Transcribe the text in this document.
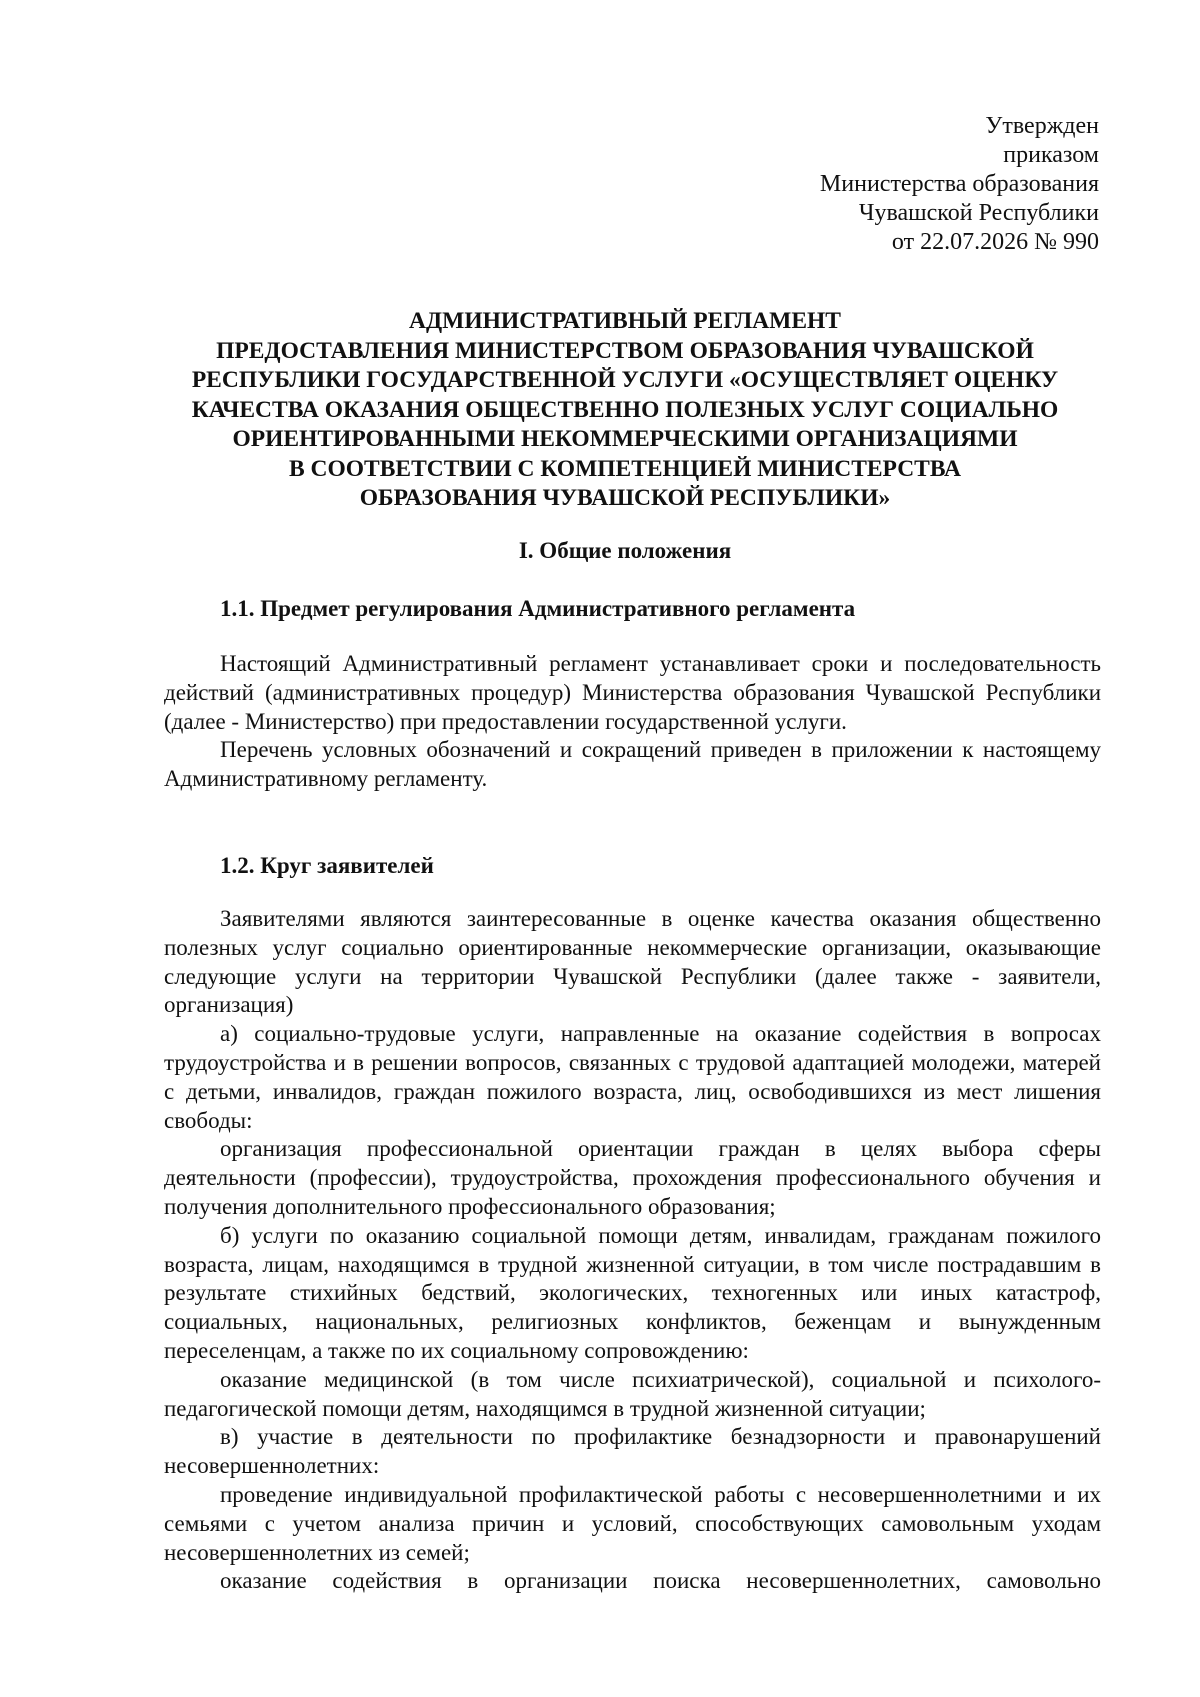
Утвержден
приказом
Министерства образования
Чувашской Республики
от 22.07.2026 № 990
АДМИНИСТРАТИВНЫЙ РЕГЛАМЕНТ
ПРЕДОСТАВЛЕНИЯ МИНИСТЕРСТВОМ ОБРАЗОВАНИЯ ЧУВАШСКОЙ
РЕСПУБЛИКИ ГОСУДАРСТВЕННОЙ УСЛУГИ «ОСУЩЕСТВЛЯЕТ ОЦЕНКУ
КАЧЕСТВА ОКАЗАНИЯ ОБЩЕСТВЕННО ПОЛЕЗНЫХ УСЛУГ СОЦИАЛЬНО
ОРИЕНТИРОВАННЫМИ НЕКОММЕРЧЕСКИМИ ОРГАНИЗАЦИЯМИ
В СООТВЕТСТВИИ С КОМПЕТЕНЦИЕЙ МИНИСТЕРСТВА
ОБРАЗОВАНИЯ ЧУВАШСКОЙ РЕСПУБЛИКИ»
I. Общие положения
1.1. Предмет регулирования Административного регламента

Настоящий Административный регламент устанавливает сроки и последовательность действий (административных процедур) Министерства образования Чувашской Республики (далее - Министерство) при предоставлении государственной услуги.

Перечень условных обозначений и сокращений приведен в приложении к настоящему Административному регламенту.

1.2. Круг заявителей

Заявителями являются заинтересованные в оценке качества оказания общественно полезных услуг социально ориентированные некоммерческие организации, оказывающие следующие услуги на территории Чувашской Республики (далее также - заявители, организация)

а) социально-трудовые услуги, направленные на оказание содействия в вопросах трудоустройства и в решении вопросов, связанных с трудовой адаптацией молодежи, матерей с детьми, инвалидов, граждан пожилого возраста, лиц, освободившихся из мест лишения свободы:

организация профессиональной ориентации граждан в целях выбора сферы деятельности (профессии), трудоустройства, прохождения профессионального обучения и получения дополнительного профессионального образования;

б) услуги по оказанию социальной помощи детям, инвалидам, гражданам пожилого возраста, лицам, находящимся в трудной жизненной ситуации, в том числе пострадавшим в результате стихийных бедствий, экологических, техногенных или иных катастроф, социальных, национальных, религиозных конфликтов, беженцам и вынужденным переселенцам, а также по их социальному сопровождению:

оказание медицинской (в том числе психиатрической), социальной и психолого-педагогической помощи детям, находящимся в трудной жизненной ситуации;

в) участие в деятельности по профилактике безнадзорности и правонарушений несовершеннолетних:

проведение индивидуальной профилактической работы с несовершеннолетними и их семьями с учетом анализа причин и условий, способствующих самовольным уходам несовершеннолетних из семей;

оказание содействия в организации поиска несовершеннолетних, самовольно
